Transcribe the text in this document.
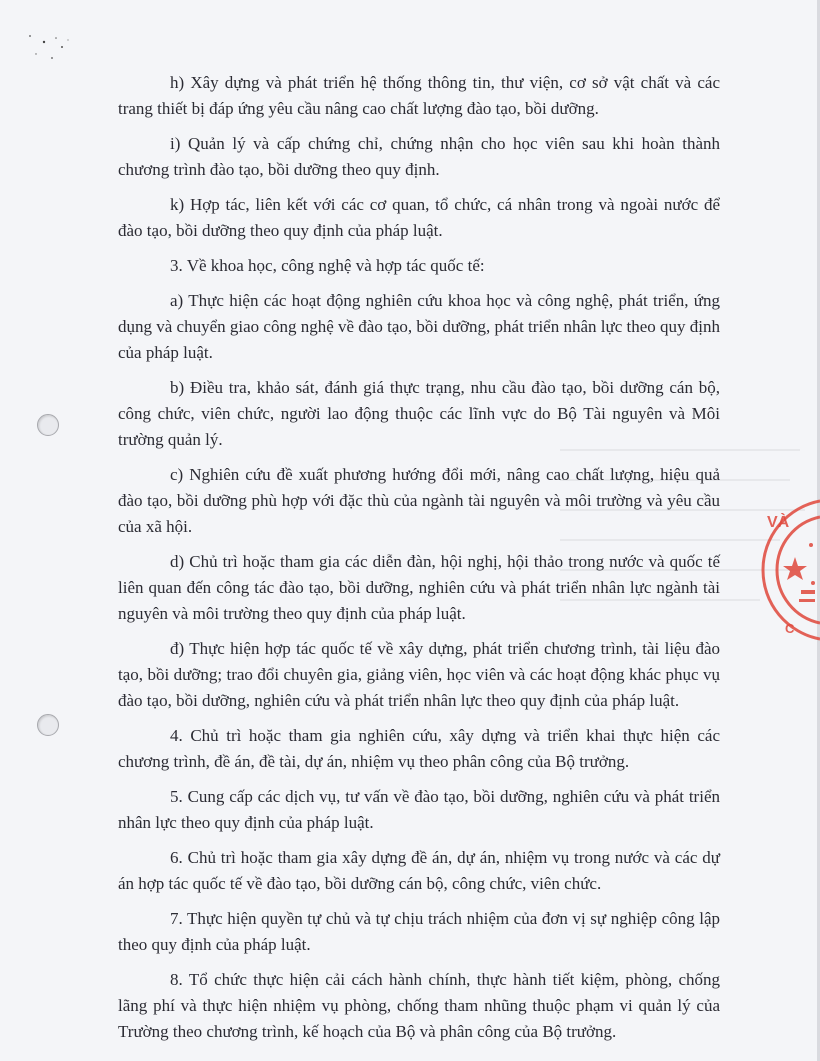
h) Xây dựng và phát triển hệ thống thông tin, thư viện, cơ sở vật chất và các trang thiết bị đáp ứng yêu cầu nâng cao chất lượng đào tạo, bồi dưỡng.

i) Quản lý và cấp chứng chỉ, chứng nhận cho học viên sau khi hoàn thành chương trình đào tạo, bồi dưỡng theo quy định.

k) Hợp tác, liên kết với các cơ quan, tổ chức, cá nhân trong và ngoài nước để đào tạo, bồi dưỡng theo quy định của pháp luật.

3. Về khoa học, công nghệ và hợp tác quốc tế:

a) Thực hiện các hoạt động nghiên cứu khoa học và công nghệ, phát triển, ứng dụng và chuyển giao công nghệ về đào tạo, bồi dưỡng, phát triển nhân lực theo quy định của pháp luật.

b) Điều tra, khảo sát, đánh giá thực trạng, nhu cầu đào tạo, bồi dưỡng cán bộ, công chức, viên chức, người lao động thuộc các lĩnh vực do Bộ Tài nguyên và Môi trường quản lý.

c) Nghiên cứu đề xuất phương hướng đổi mới, nâng cao chất lượng, hiệu quả đào tạo, bồi dưỡng phù hợp với đặc thù của ngành tài nguyên và môi trường và yêu cầu của xã hội.

d) Chủ trì hoặc tham gia các diễn đàn, hội nghị, hội thảo trong nước và quốc tế liên quan đến công tác đào tạo, bồi dưỡng, nghiên cứu và phát triển nhân lực ngành tài nguyên và môi trường theo quy định của pháp luật.

đ) Thực hiện hợp tác quốc tế về xây dựng, phát triển chương trình, tài liệu đào tạo, bồi dưỡng; trao đổi chuyên gia, giảng viên, học viên và các hoạt động khác phục vụ đào tạo, bồi dưỡng, nghiên cứu và phát triển nhân lực theo quy định của pháp luật.

4. Chủ trì hoặc tham gia nghiên cứu, xây dựng và triển khai thực hiện các chương trình, đề án, đề tài, dự án, nhiệm vụ theo phân công của Bộ trưởng.

5. Cung cấp các dịch vụ, tư vấn về đào tạo, bồi dưỡng, nghiên cứu và phát triển nhân lực theo quy định của pháp luật.

6. Chủ trì hoặc tham gia xây dựng đề án, dự án, nhiệm vụ trong nước và các dự án hợp tác quốc tế về đào tạo, bồi dưỡng cán bộ, công chức, viên chức.

7. Thực hiện quyền tự chủ và tự chịu trách nhiệm của đơn vị sự nghiệp công lập theo quy định của pháp luật.

8. Tổ chức thực hiện cải cách hành chính, thực hành tiết kiệm, phòng, chống lãng phí và thực hiện nhiệm vụ phòng, chống tham nhũng thuộc phạm vi quản lý của Trường theo chương trình, kế hoạch của Bộ và phân công của Bộ trưởng.

VÀ
C
